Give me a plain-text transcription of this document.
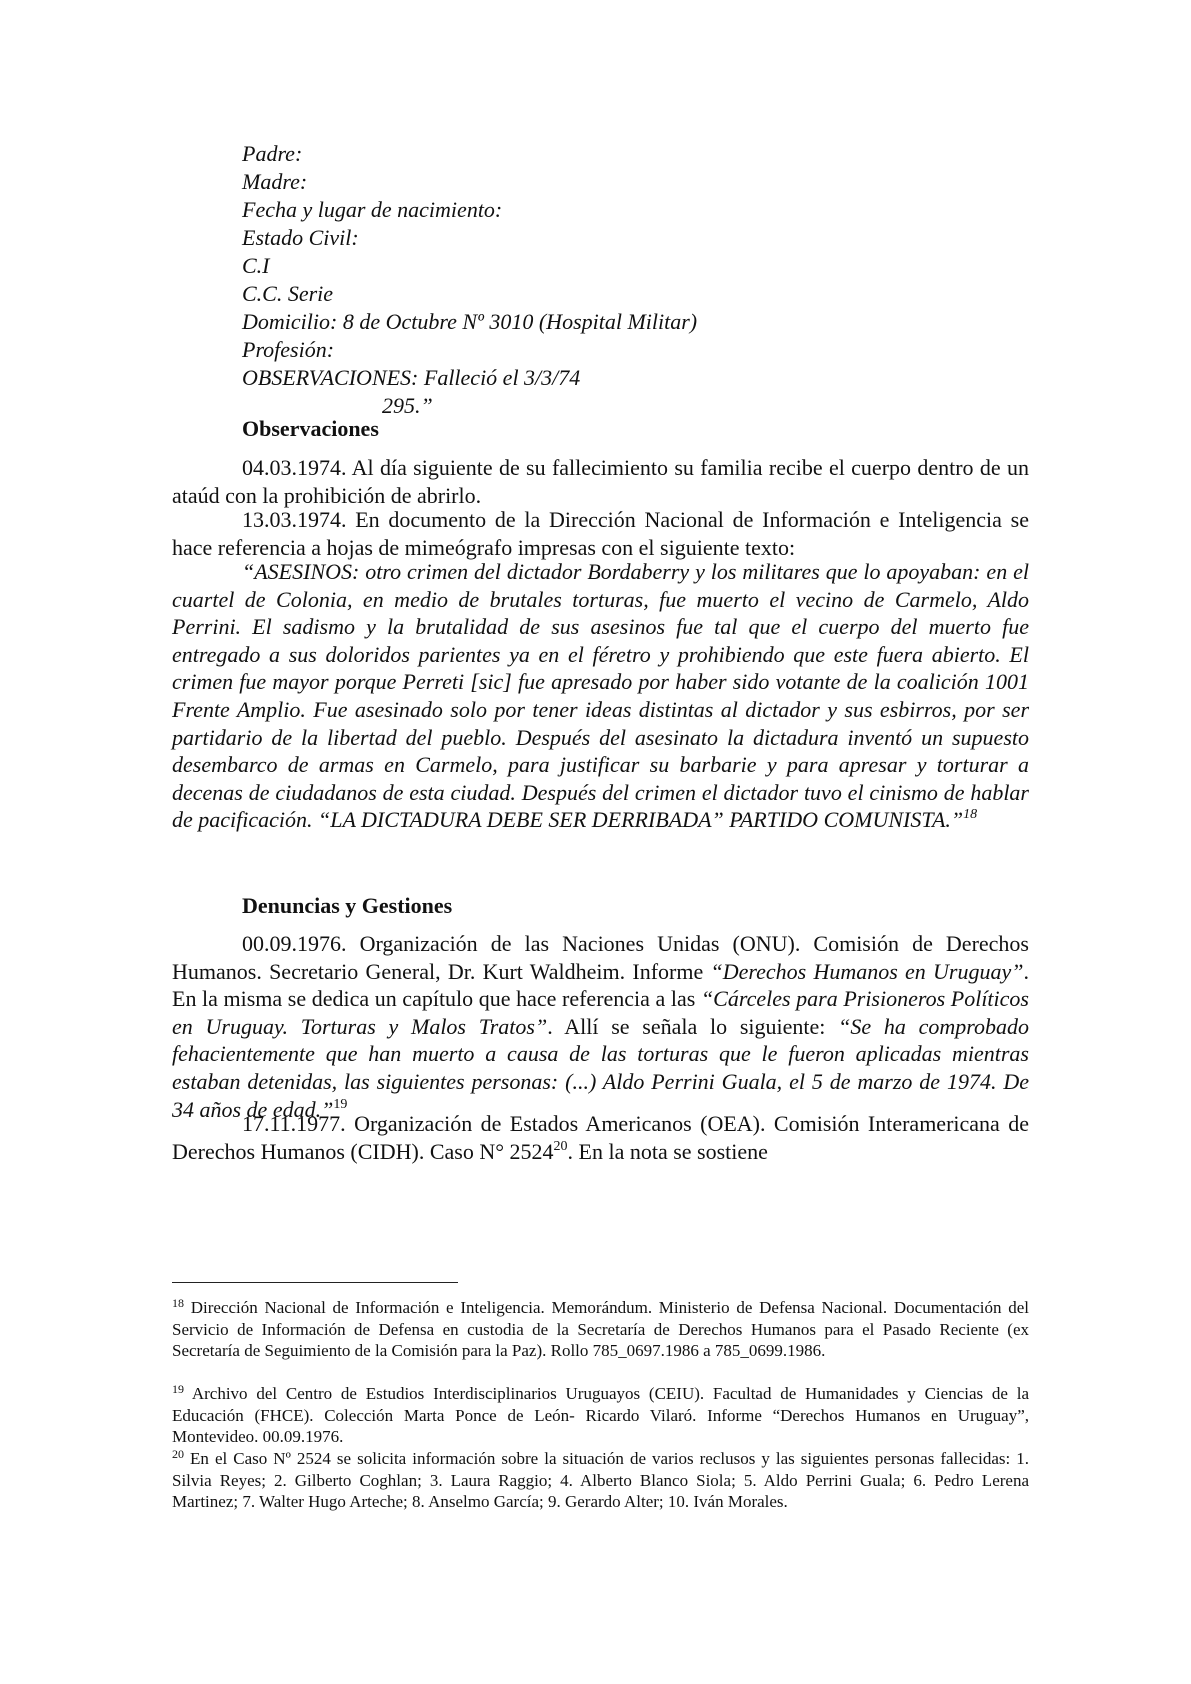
Padre:
Madre:
Fecha y lugar de nacimiento:
Estado Civil:
C.I
C.C. Serie
Domicilio: 8 de Octubre Nº 3010 (Hospital Militar)
Profesión:
OBSERVACIONES: Falleció el 3/3/74
295.”
Observaciones
04.03.1974. Al día siguiente de su fallecimiento su familia recibe el cuerpo dentro de un ataúd con la prohibición de abrirlo.
13.03.1974. En documento de la Dirección Nacional de Información e Inteligencia se hace referencia a hojas de mimeógrafo impresas con el siguiente texto:
“ASESINOS: otro crimen del dictador Bordaberry y los militares que lo apoyaban: en el cuartel de Colonia, en medio de brutales torturas, fue muerto el vecino de Carmelo, Aldo Perrini. El sadismo y la brutalidad de sus asesinos fue tal que el cuerpo del muerto fue entregado a sus doloridos parientes ya en el féretro y prohibiendo que este fuera abierto. El crimen fue mayor porque Perreti [sic] fue apresado por haber sido votante de la coalición 1001 Frente Amplio. Fue asesinado solo por tener ideas distintas al dictador y sus esbirros, por ser partidario de la libertad del pueblo. Después del asesinato la dictadura inventó un supuesto desembarco de armas en Carmelo, para justificar su barbarie y para apresar y torturar a decenas de ciudadanos de esta ciudad. Después del crimen el dictador tuvo el cinismo de hablar de pacificación. “LA DICTADURA DEBE SER DERRIBADA” PARTIDO COMUNISTA.”$^{18}$
Denuncias y Gestiones
00.09.1976. Organización de las Naciones Unidas (ONU). Comisión de Derechos Humanos. Secretario General, Dr. Kurt Waldheim. Informe “Derechos Humanos en Uruguay”. En la misma se dedica un capítulo que hace referencia a las “Cárceles para Prisioneros Políticos en Uruguay. Torturas y Malos Tratos”. Allí se señala lo siguiente: “Se ha comprobado fehacientemente que han muerto a causa de las torturas que le fueron aplicadas mientras estaban detenidas, las siguientes personas: (...) Aldo Perrini Guala, el 5 de marzo de 1974. De 34 años de edad.”$^{19}$
17.11.1977. Organización de Estados Americanos (OEA). Comisión Interamericana de Derechos Humanos (CIDH). Caso N° 2524$^{20}$. En la nota se sostiene
$^{18}$ Dirección Nacional de Información e Inteligencia. Memorándum. Ministerio de Defensa Nacional. Documentación del Servicio de Información de Defensa en custodia de la Secretaría de Derechos Humanos para el Pasado Reciente (ex Secretaría de Seguimiento de la Comisión para la Paz). Rollo 785_0697.1986 a 785_0699.1986.
$^{19}$ Archivo del Centro de Estudios Interdisciplinarios Uruguayos (CEIU). Facultad de Humanidades y Ciencias de la Educación (FHCE). Colección Marta Ponce de León- Ricardo Vilaró. Informe “Derechos Humanos en Uruguay”, Montevideo. 00.09.1976.
$^{20}$ En el Caso Nº 2524 se solicita información sobre la situación de varios reclusos y las siguientes personas fallecidas: 1. Silvia Reyes; 2. Gilberto Coghlan; 3. Laura Raggio; 4. Alberto Blanco Siola; 5. Aldo Perrini Guala; 6. Pedro Lerena Martinez; 7. Walter Hugo Arteche; 8. Anselmo García; 9. Gerardo Alter; 10. Iván Morales.
